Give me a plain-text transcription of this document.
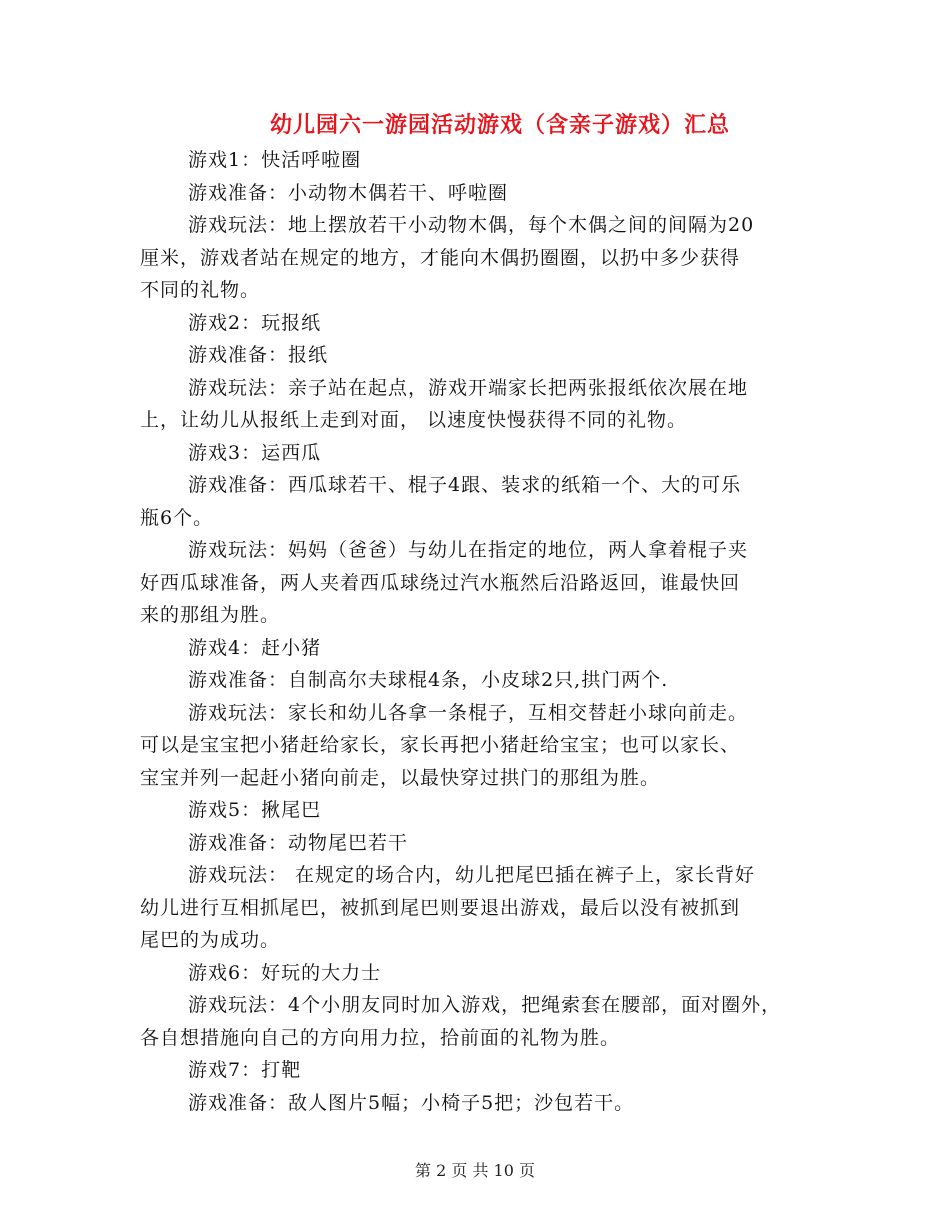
幼儿园六一游园活动游戏（含亲子游戏）汇总
游戏1：快活呼啦圈
游戏准备：小动物木偶若干、呼啦圈
游戏玩法：地上摆放若干小动物木偶，每个木偶之间的间隔为20
厘米，游戏者站在规定的地方，才能向木偶扔圈圈，以扔中多少获得
不同的礼物。
游戏2：玩报纸
游戏准备：报纸
游戏玩法：亲子站在起点，游戏开端家长把两张报纸依次展在地
上，让幼儿从报纸上走到对面， 以速度快慢获得不同的礼物。
游戏3：运西瓜
游戏准备：西瓜球若干、棍子4跟、装求的纸箱一个、大的可乐
瓶6个。
游戏玩法：妈妈（爸爸）与幼儿在指定的地位，两人拿着棍子夹
好西瓜球准备，两人夹着西瓜球绕过汽水瓶然后沿路返回，谁最快回
来的那组为胜。
游戏4：赶小猪
游戏准备：自制高尔夫球棍4条，小皮球2只,拱门两个.
游戏玩法：家长和幼儿各拿一条棍子，互相交替赶小球向前走。
可以是宝宝把小猪赶给家长，家长再把小猪赶给宝宝；也可以家长、
宝宝并列一起赶小猪向前走，以最快穿过拱门的那组为胜。
游戏5：揪尾巴
游戏准备：动物尾巴若干
游戏玩法： 在规定的场合内，幼儿把尾巴插在裤子上，家长背好
幼儿进行互相抓尾巴，被抓到尾巴则要退出游戏，最后以没有被抓到
尾巴的为成功。
游戏6：好玩的大力士
游戏玩法：4个小朋友同时加入游戏，把绳索套在腰部，面对圈外，
各自想措施向自己的方向用力拉，拾前面的礼物为胜。
游戏7：打靶
游戏准备：敌人图片5幅；小椅子5把；沙包若干。
第 2 页 共 10 页
